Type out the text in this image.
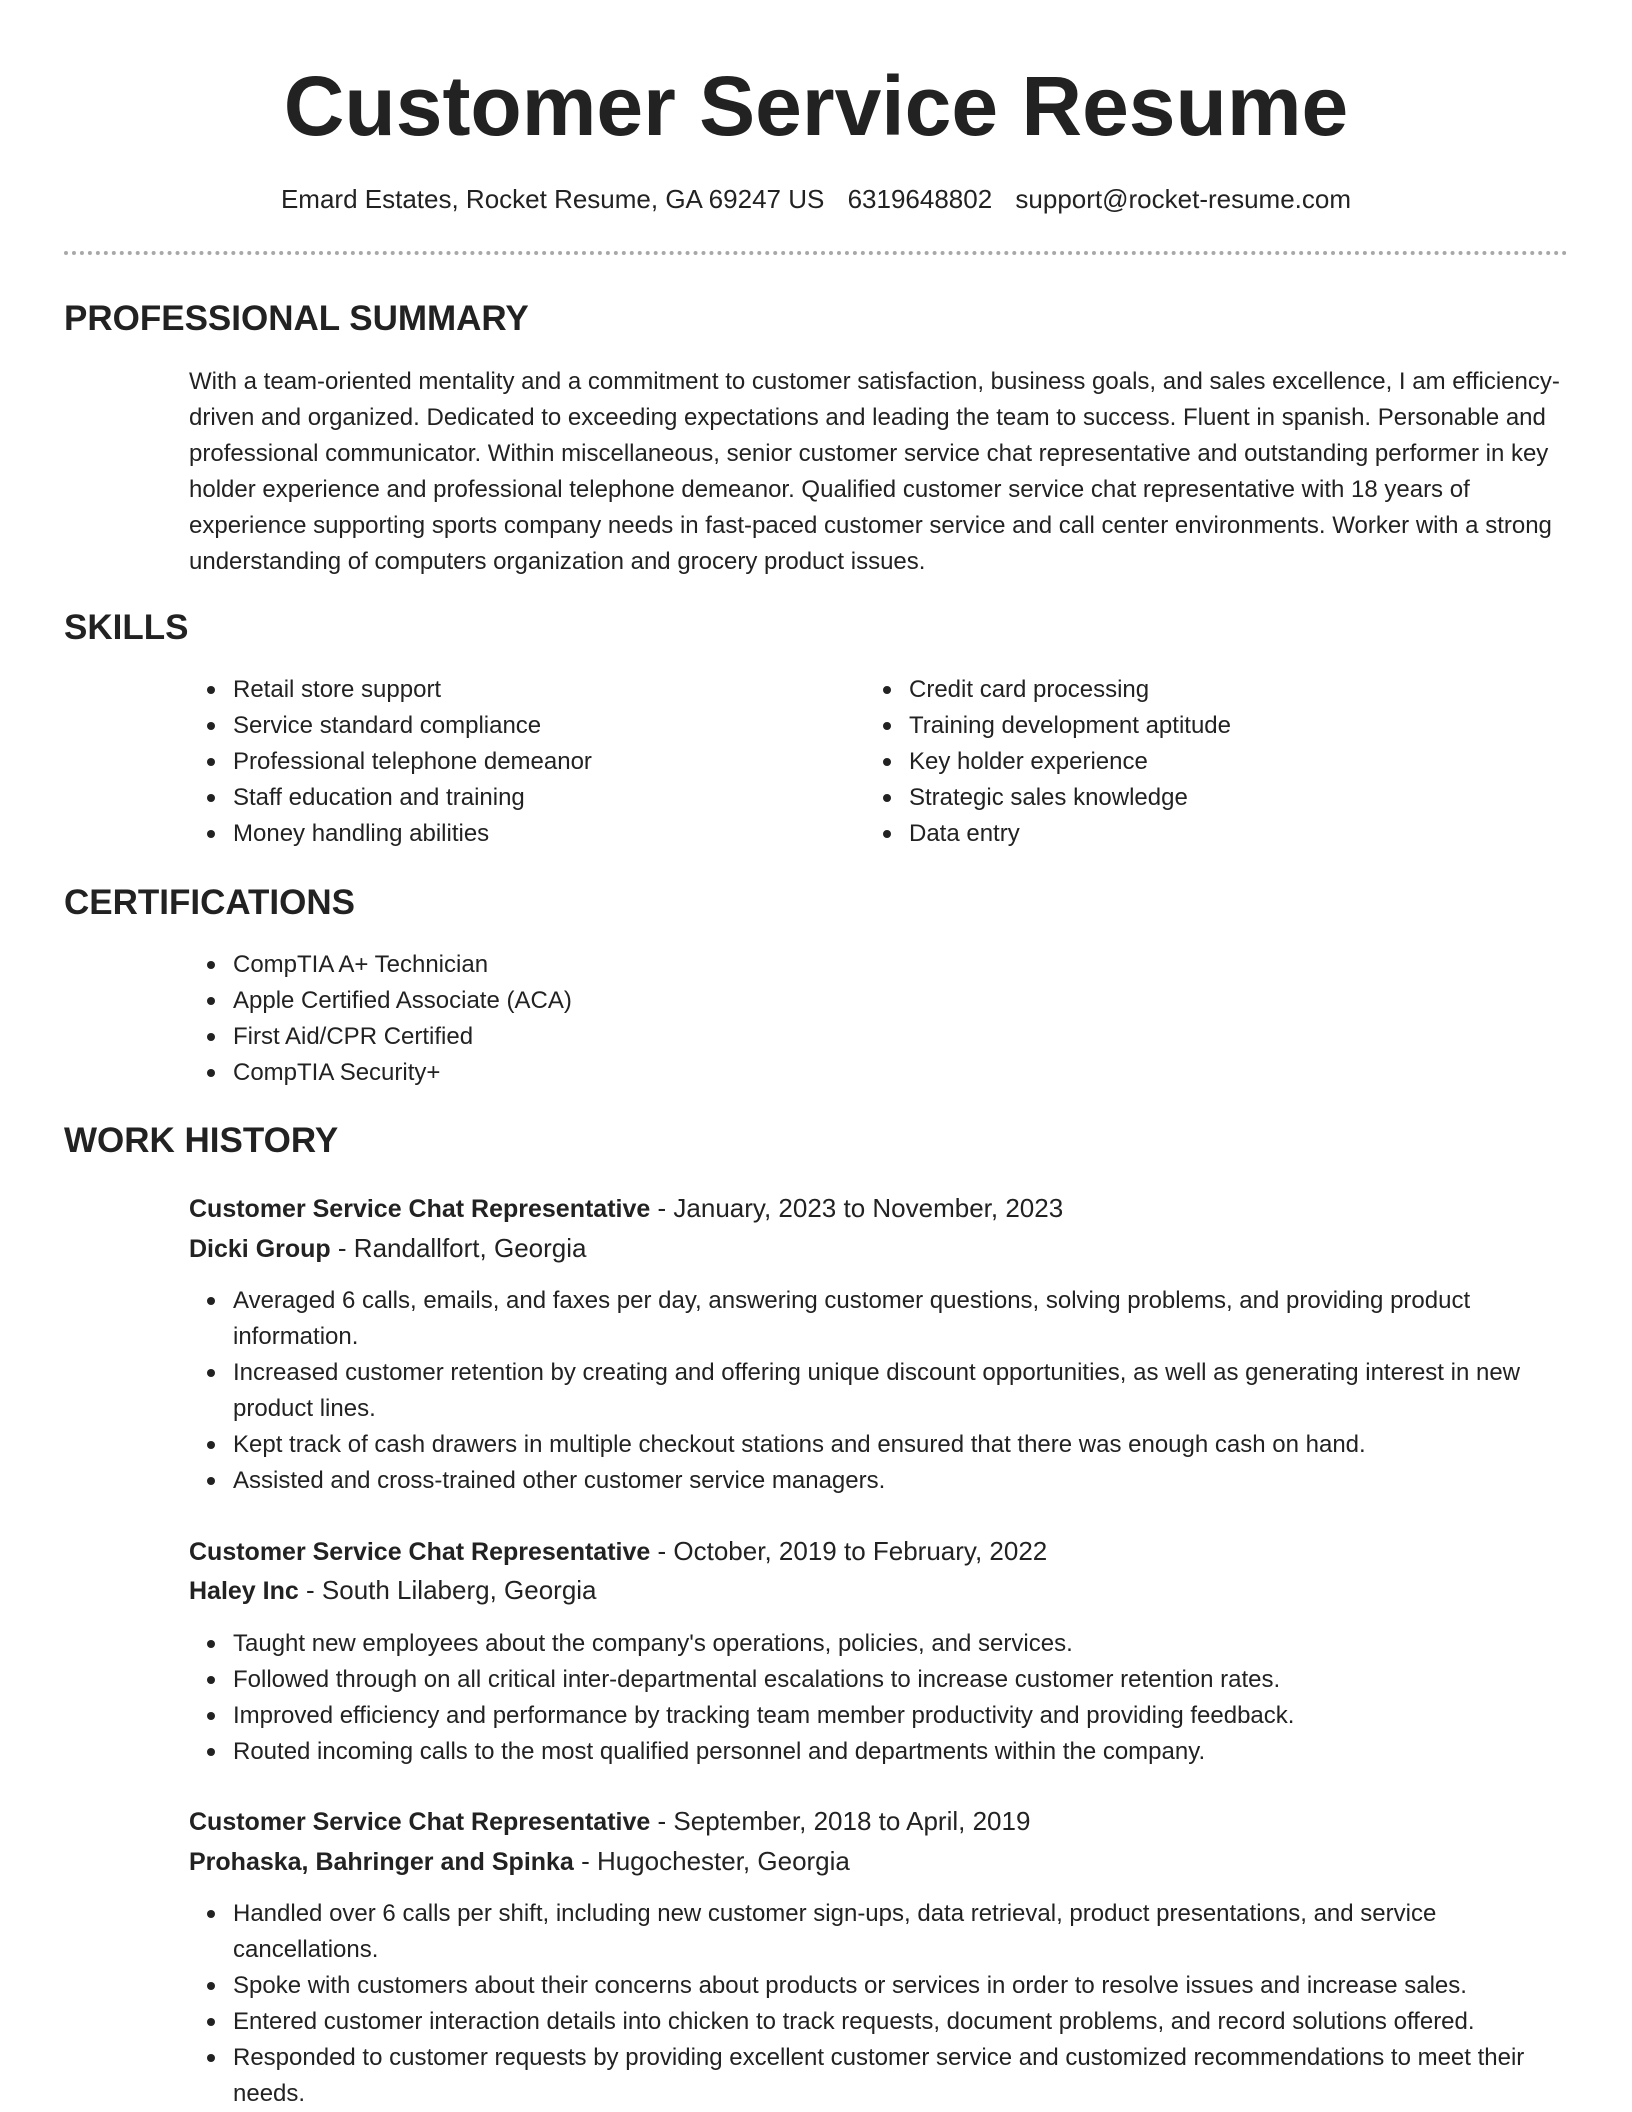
Customer Service Resume
Emard Estates, Rocket Resume, GA 69247 US 6319648802 support@rocket-resume.com
PROFESSIONAL SUMMARY
With a team-oriented mentality and a commitment to customer satisfaction, business goals, and sales excellence, I am efficiency-driven and organized. Dedicated to exceeding expectations and leading the team to success. Fluent in spanish. Personable and professional communicator. Within miscellaneous, senior customer service chat representative and outstanding performer in key holder experience and professional telephone demeanor. Qualified customer service chat representative with 18 years of experience supporting sports company needs in fast-paced customer service and call center environments. Worker with a strong understanding of computers organization and grocery product issues.
SKILLS
Retail store support
Service standard compliance
Professional telephone demeanor
Staff education and training
Money handling abilities
Credit card processing
Training development aptitude
Key holder experience
Strategic sales knowledge
Data entry
CERTIFICATIONS
CompTIA A+ Technician
Apple Certified Associate (ACA)
First Aid/CPR Certified
CompTIA Security+
WORK HISTORY
Customer Service Chat Representative - January, 2023 to November, 2023
Dicki Group - Randallfort, Georgia
Averaged 6 calls, emails, and faxes per day, answering customer questions, solving problems, and providing product information.
Increased customer retention by creating and offering unique discount opportunities, as well as generating interest in new product lines.
Kept track of cash drawers in multiple checkout stations and ensured that there was enough cash on hand.
Assisted and cross-trained other customer service managers.
Customer Service Chat Representative - October, 2019 to February, 2022
Haley Inc - South Lilaberg, Georgia
Taught new employees about the company's operations, policies, and services.
Followed through on all critical inter-departmental escalations to increase customer retention rates.
Improved efficiency and performance by tracking team member productivity and providing feedback.
Routed incoming calls to the most qualified personnel and departments within the company.
Customer Service Chat Representative - September, 2018 to April, 2019
Prohaska, Bahringer and Spinka - Hugochester, Georgia
Handled over 6 calls per shift, including new customer sign-ups, data retrieval, product presentations, and service cancellations.
Spoke with customers about their concerns about products or services in order to resolve issues and increase sales.
Entered customer interaction details into chicken to track requests, document problems, and record solutions offered.
Responded to customer requests by providing excellent customer service and customized recommendations to meet their needs.
